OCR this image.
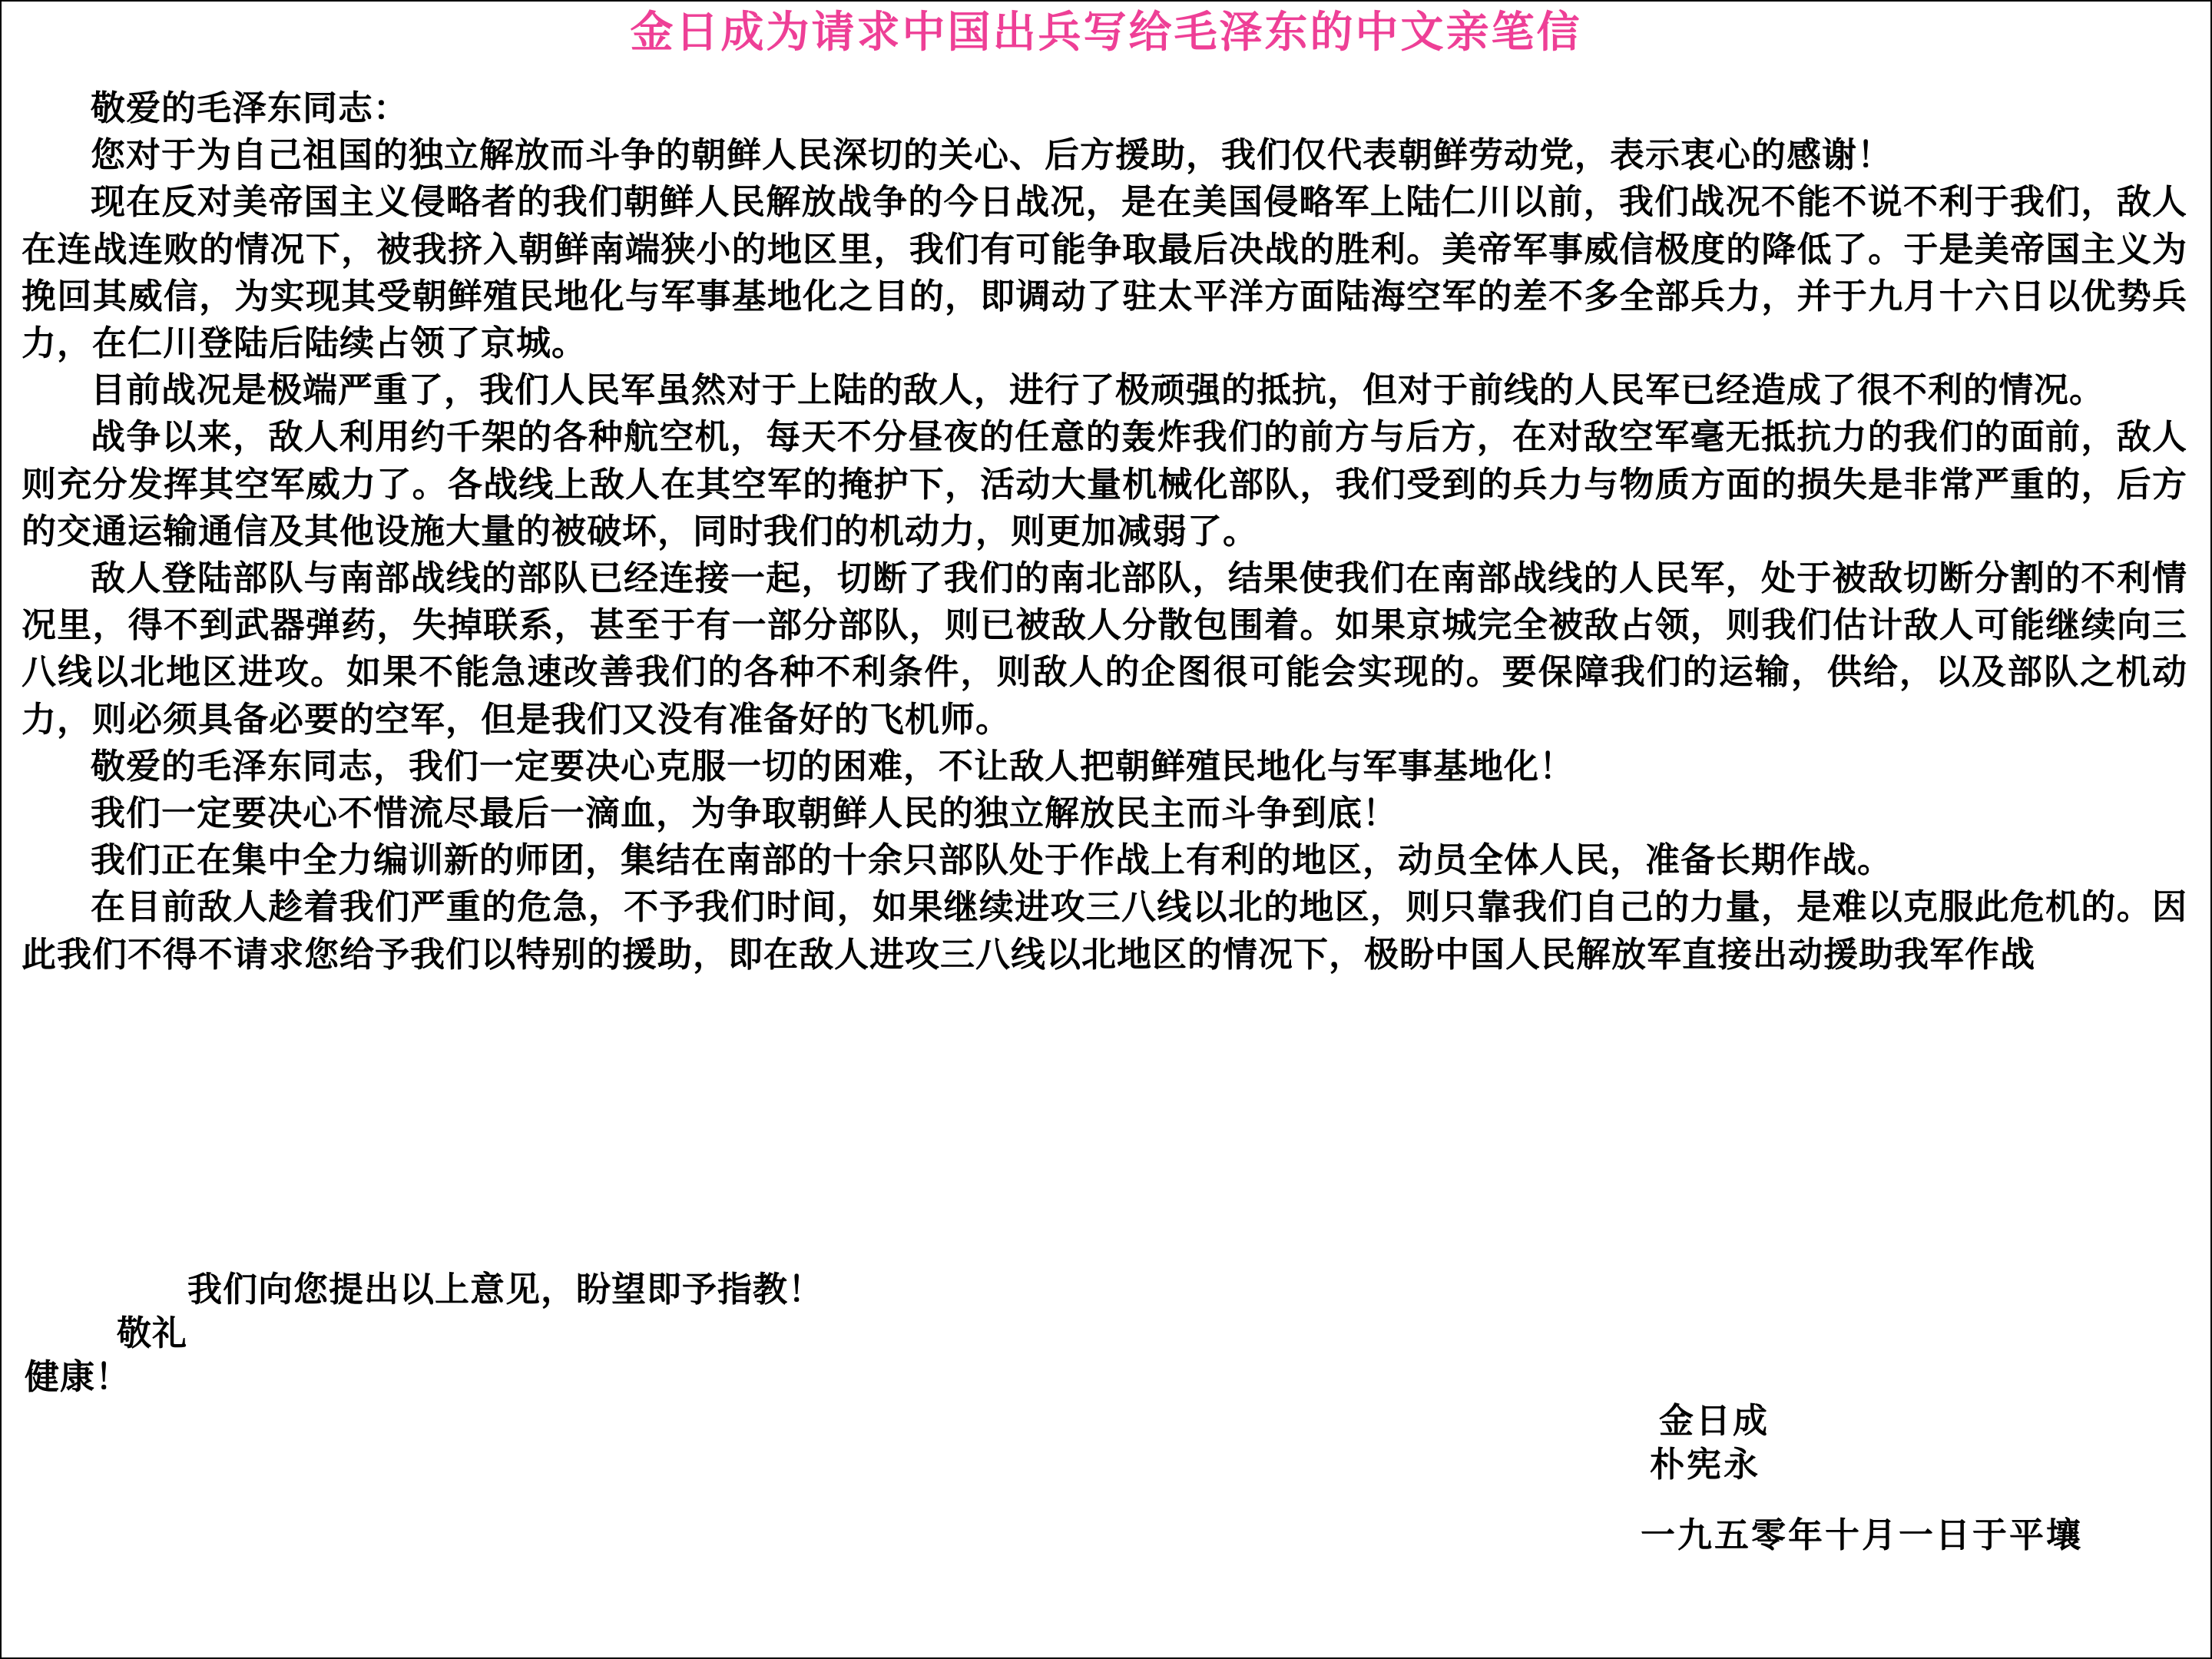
金日成为请求中国出兵写给毛泽东的中文亲笔信

敬爱的毛泽东同志：

您对于为自己祖国的独立解放而斗争的朝鲜人民深切的关心、后方援助，我们仅代表朝鲜劳动党，表示衷心的感谢！

现在反对美帝国主义侵略者的我们朝鲜人民解放战争的今日战况，是在美国侵略军上陆仁川以前，我们战况不能不说不利于我们，敌人在连战连败的情况下，被我挤入朝鲜南端狭小的地区里，我们有可能争取最后决战的胜利。美帝军事威信极度的降低了。于是美帝国主义为挽回其威信，为实现其受朝鲜殖民地化与军事基地化之目的，即调动了驻太平洋方面陆海空军的差不多全部兵力，并于九月十六日以优势兵力，在仁川登陆后陆续占领了京城。

目前战况是极端严重了，我们人民军虽然对于上陆的敌人，进行了极顽强的抵抗，但对于前线的人民军已经造成了很不利的情况。

战争以来，敌人利用约千架的各种航空机，每天不分昼夜的任意的轰炸我们的前方与后方，在对敌空军毫无抵抗力的我们的面前，敌人则充分发挥其空军威力了。各战线上敌人在其空军的掩护下，活动大量机械化部队，我们受到的兵力与物质方面的损失是非常严重的，后方的交通运输通信及其他设施大量的被破坏，同时我们的机动力，则更加减弱了。

敌人登陆部队与南部战线的部队已经连接一起，切断了我们的南北部队，结果使我们在南部战线的人民军，处于被敌切断分割的不利情况里，得不到武器弹药，失掉联系，甚至于有一部分部队，则已被敌人分散包围着。如果京城完全被敌占领，则我们估计敌人可能继续向三八线以北地区进攻。如果不能急速改善我们的各种不利条件，则敌人的企图很可能会实现的。要保障我们的运输，供给，以及部队之机动力，则必须具备必要的空军，但是我们又没有准备好的飞机师。

敬爱的毛泽东同志，我们一定要决心克服一切的困难，不让敌人把朝鲜殖民地化与军事基地化！

我们一定要决心不惜流尽最后一滴血，为争取朝鲜人民的独立解放民主而斗争到底！

我们正在集中全力编训新的师团，集结在南部的十余只部队处于作战上有利的地区，动员全体人民，准备长期作战。

在目前敌人趁着我们严重的危急，不予我们时间，如果继续进攻三八线以北的地区，则只靠我们自己的力量，是难以克服此危机的。因此我们不得不请求您给予我们以特别的援助，即在敌人进攻三八线以北地区的情况下，极盼中国人民解放军直接出动援助我军作战

我们向您提出以上意见，盼望即予指教！
敬礼
健康！
金日成
朴宪永
一九五零年十月一日于平壤
